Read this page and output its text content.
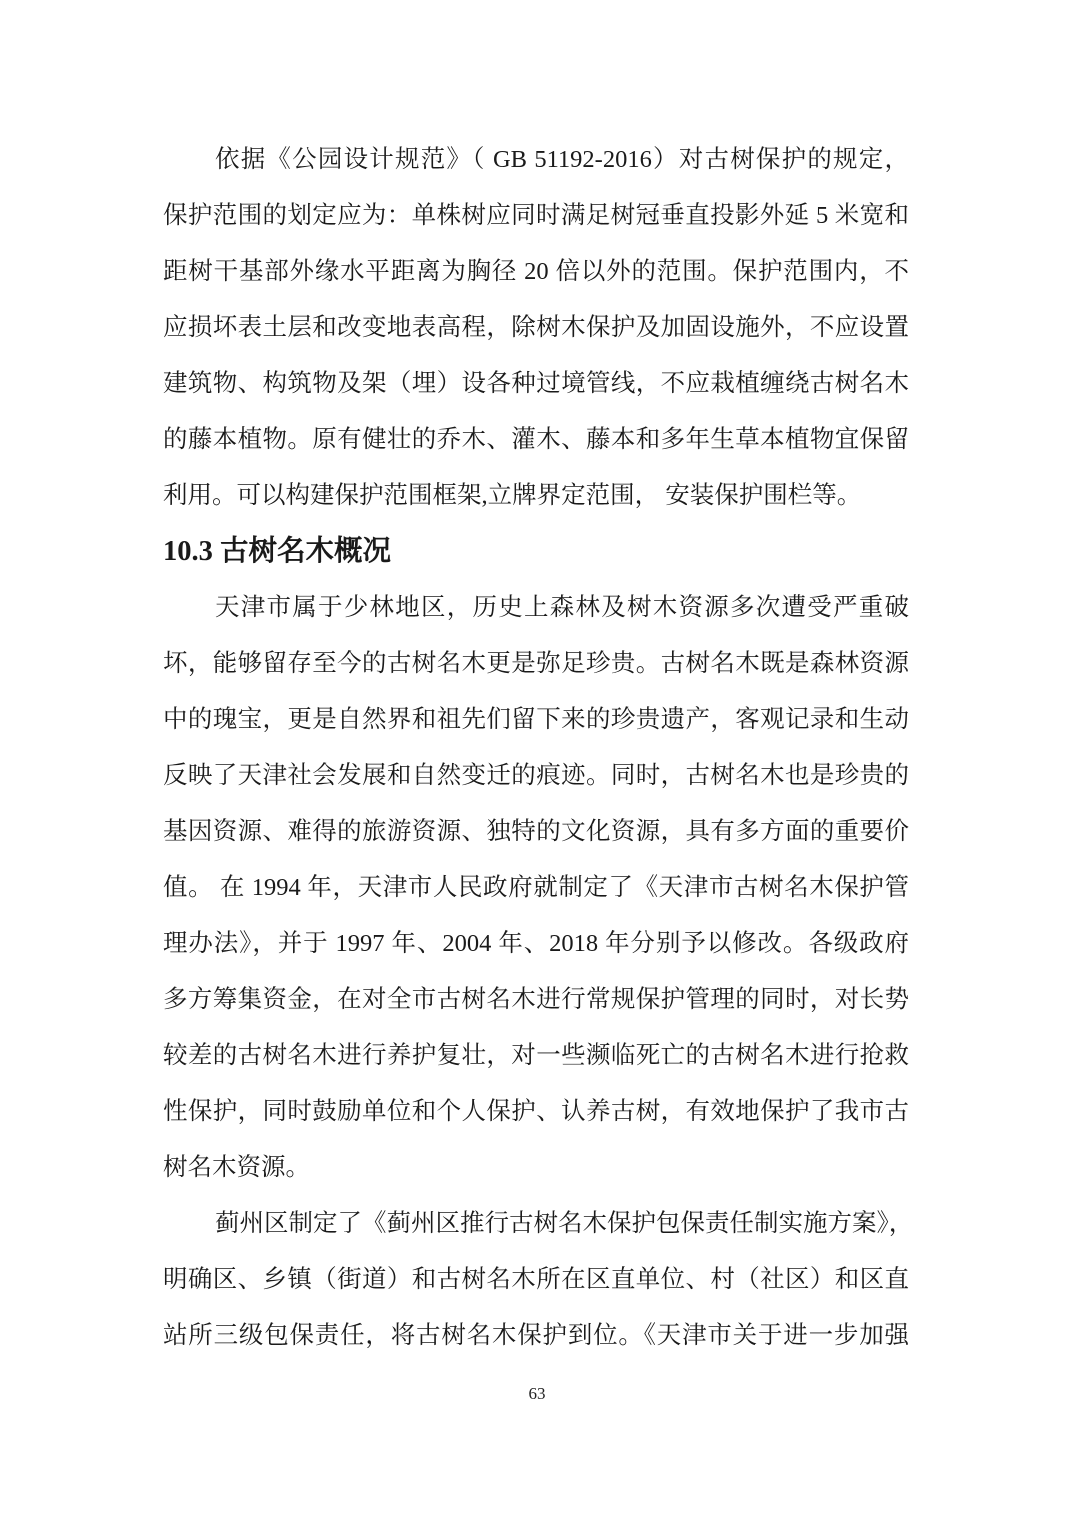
依据《公园设计规范》（ GB 51192-2016）对古树保护的规定，

保护范围的划定应为：单株树应同时满足树冠垂直投影外延 5 米宽和

距树干基部外缘水平距离为胸径 20 倍以外的范围。保护范围内，不

应损坏表土层和改变地表高程，除树木保护及加固设施外，不应设置

建筑物、构筑物及架（埋）设各种过境管线，不应栽植缠绕古树名木

的藤本植物。原有健壮的乔木、灌木、藤本和多年生草本植物宜保留

利用。可以构建保护范围框架,立牌界定范围， 安装保护围栏等。

10.3 古树名木概况

天津市属于少林地区，历史上森林及树木资源多次遭受严重破

坏，能够留存至今的古树名木更是弥足珍贵。古树名木既是森林资源

中的瑰宝，更是自然界和祖先们留下来的珍贵遗产，客观记录和生动

反映了天津社会发展和自然变迁的痕迹。同时，古树名木也是珍贵的

基因资源、难得的旅游资源、独特的文化资源，具有多方面的重要价

值。 在 1994 年，天津市人民政府就制定了《天津市古树名木保护管

理办法》，并于 1997 年、2004 年、2018 年分别予以修改。各级政府

多方筹集资金，在对全市古树名木进行常规保护管理的同时，对长势

较差的古树名木进行养护复壮，对一些濒临死亡的古树名木进行抢救

性保护，同时鼓励单位和个人保护、认养古树，有效地保护了我市古

树名木资源。

蓟州区制定了《蓟州区推行古树名木保护包保责任制实施方案》，

明确区、乡镇（街道）和古树名木所在区直单位、村（社区）和区直

站所三级包保责任，将古树名木保护到位。《天津市关于进一步加强

63
